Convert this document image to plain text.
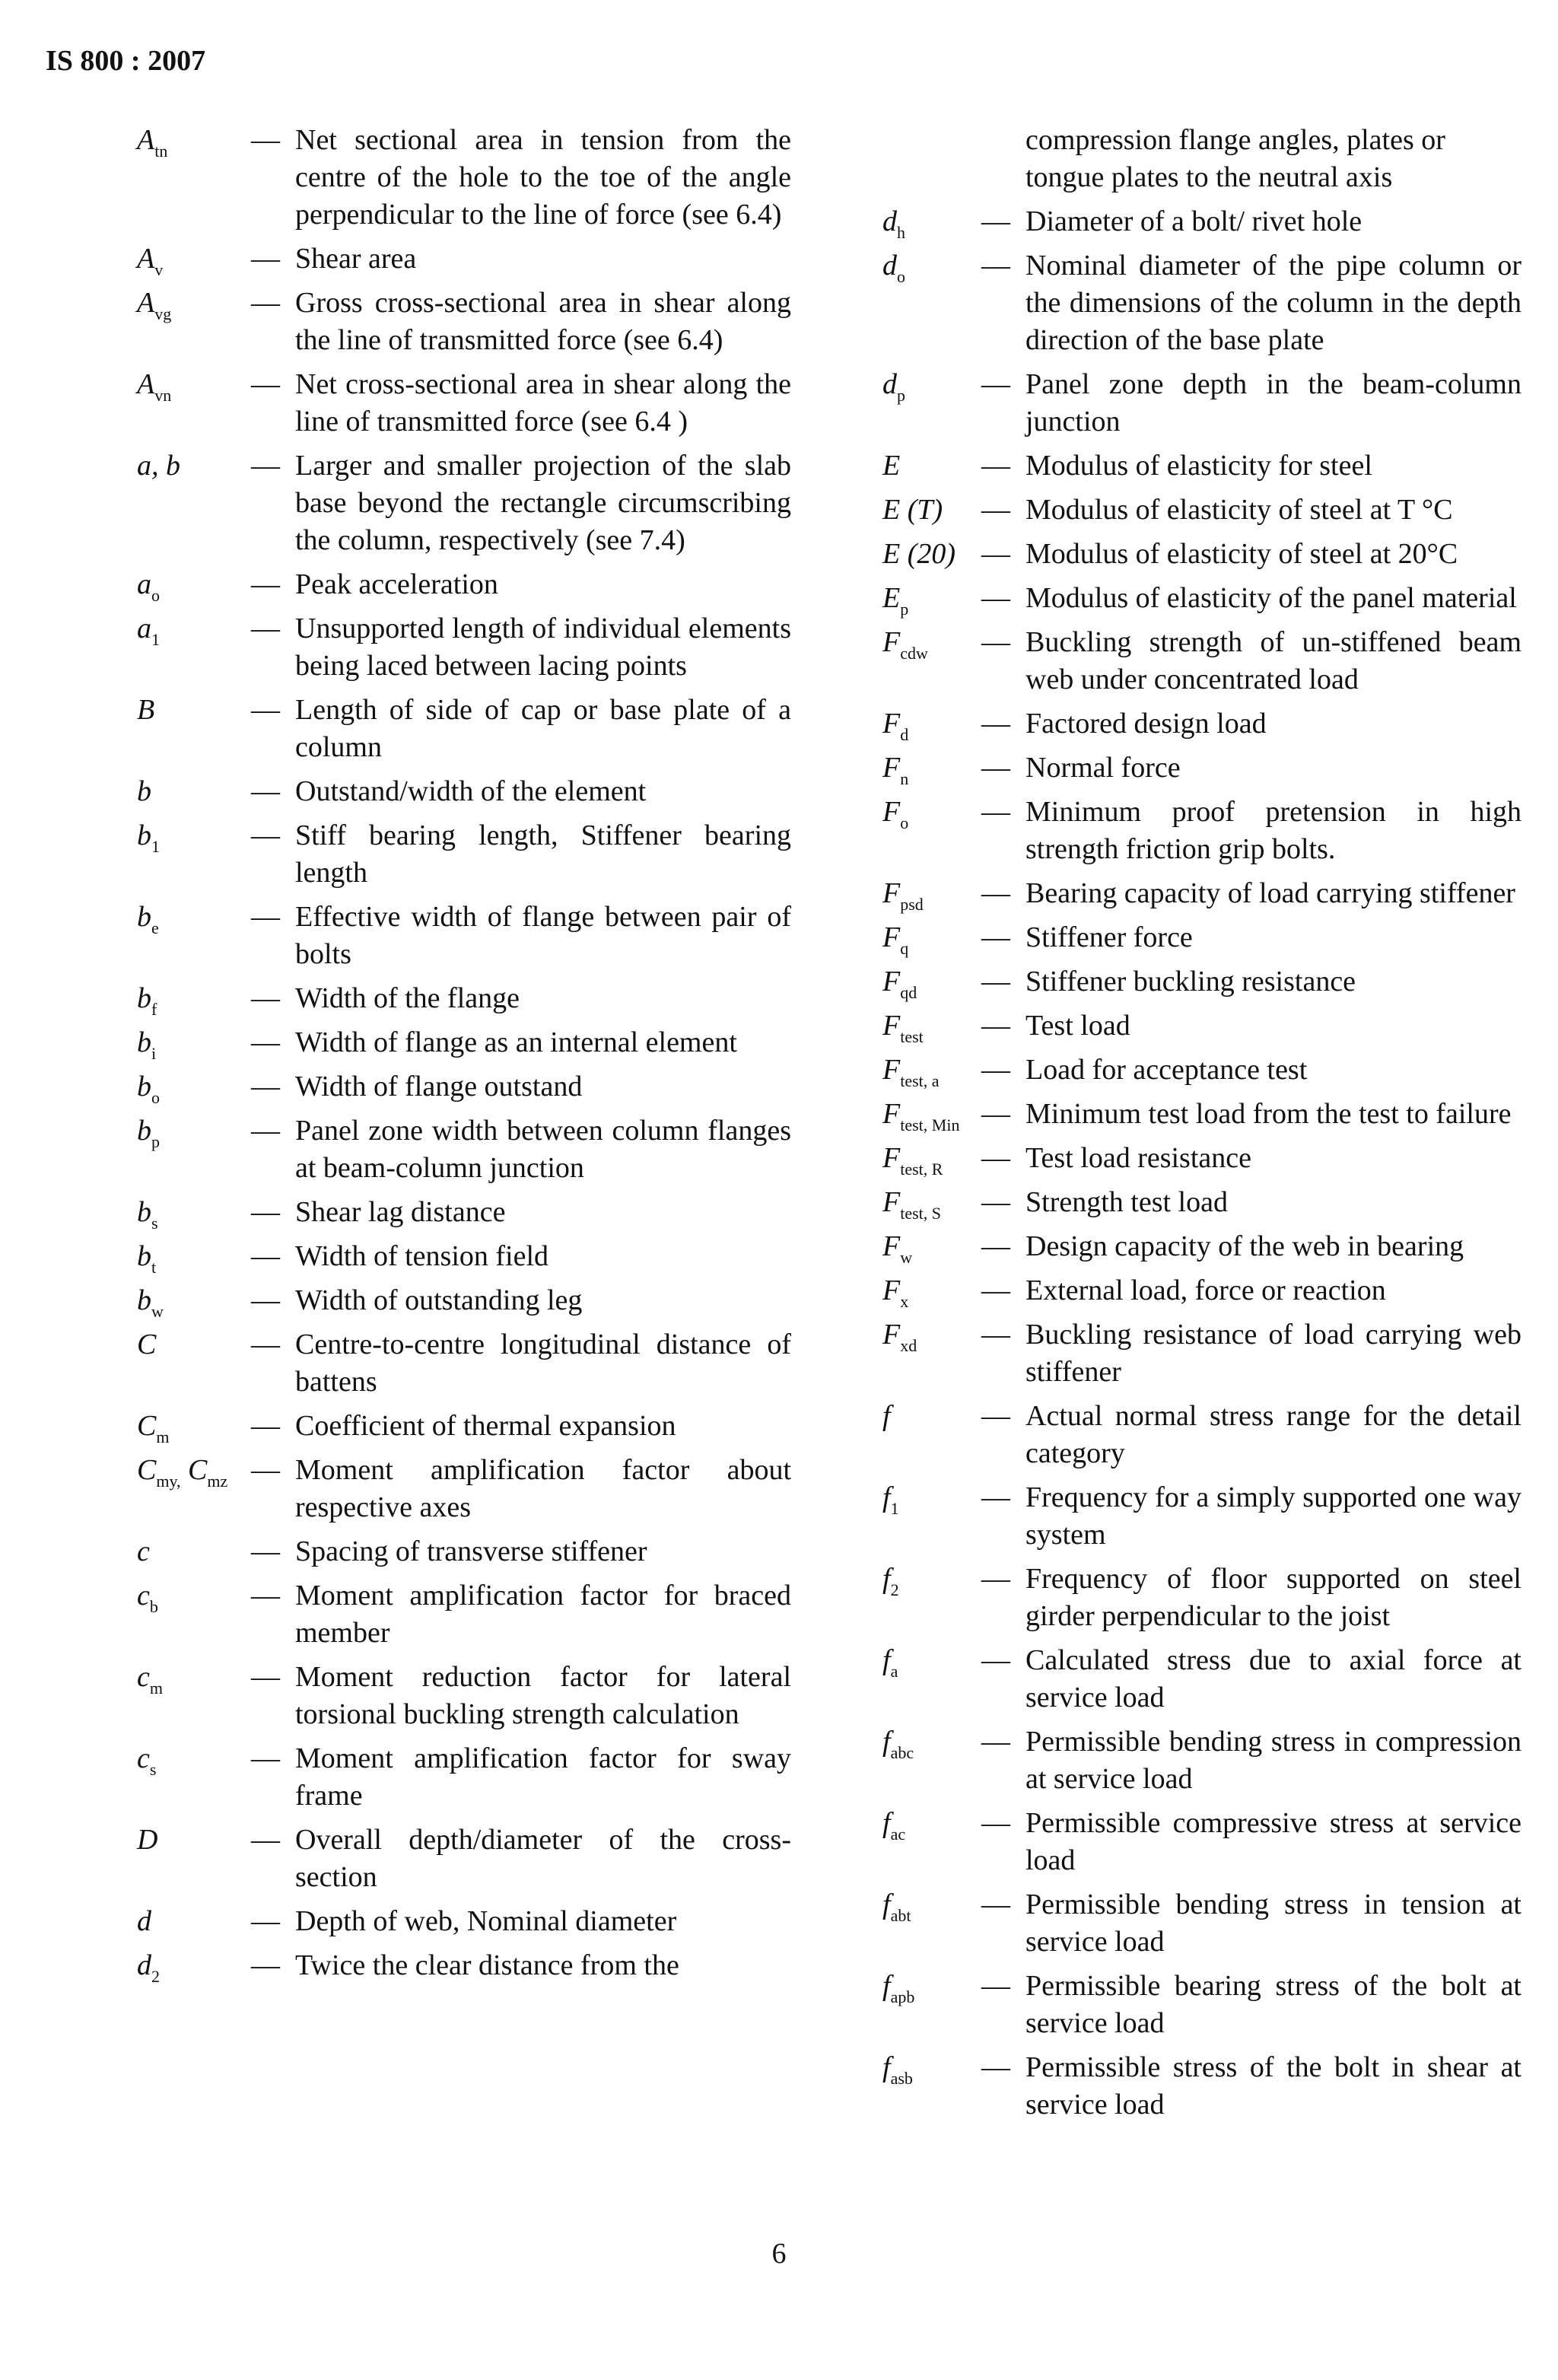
IS 800 : 2007
$A_{tn}$	— Net sectional area in tension from the centre of the hole to the toe of the angle perpendicular to the line of force (see 6.4)
$A_v$	— Shear area
$A_{vg}$	— Gross cross-sectional area in shear along the line of transmitted force (see 6.4)
$A_{vn}$	— Net cross-sectional area in shear along the line of transmitted force (see 6.4 )
a, b	— Larger and smaller projection of the slab base beyond the rectangle circumscribing the column, respectively (see 7.4)
$a_o$	— Peak acceleration
$a_1$	— Unsupported length of individual elements being laced between lacing points
B	— Length of side of cap or base plate of a column
b	— Outstand/width of the element
$b_1$	— Stiff bearing length, Stiffener bearing length
$b_e$	— Effective width of flange between pair of bolts
$b_f$	— Width of the flange
$b_i$	— Width of flange as an internal element
$b_o$	— Width of flange outstand
$b_p$	— Panel zone width between column flanges at beam-column junction
$b_s$	— Shear lag distance
$b_t$	— Width of tension field
$b_w$	— Width of outstanding leg
C	— Centre-to-centre longitudinal distance of battens
$C_m$	— Coefficient of thermal expansion
$C_{my,}$ $C_{mz}$ — Moment amplification factor about respective axes
c	— Spacing of transverse stiffener
$c_b$	— Moment amplification factor for braced member
$c_m$	— Moment reduction factor for lateral torsional buckling strength calculation
$c_s$	— Moment amplification factor for sway frame
D	— Overall depth/diameter of the cross-section
d	— Depth of web, Nominal diameter
$d_2$	— Twice the clear distance from the
compression flange angles, plates or tongue plates to the neutral axis
$d_h$	— Diameter of a bolt/ rivet hole
$d_o$	— Nominal diameter of the pipe column or the dimensions of the column in the depth direction of the base plate
$d_p$	— Panel zone depth in the beam-column junction
E	— Modulus of elasticity for steel
E (T)	— Modulus of elasticity of steel at T °C
E (20) — Modulus of elasticity of steel at 20°C
$E_p$	— Modulus of elasticity of the panel material
$F_{cdw}$	— Buckling strength of un-stiffened beam web under concentrated load
$F_d$	— Factored design load
$F_n$	— Normal force
$F_o$	— Minimum proof pretension in high strength friction grip bolts.
$F_{psd}$	— Bearing capacity of load carrying stiffener
$F_q$	— Stiffener force
$F_{qd}$	— Stiffener buckling resistance
$F_{test}$	— Test load
$F_{test, a}$	— Load for acceptance test
$F_{test, Min}$ — Minimum test load from the test to failure
$F_{test, R}$	— Test load resistance
$F_{test, S}$	— Strength test load
$F_w$	— Design capacity of the web in bearing
$F_x$	— External load, force or reaction
$F_{xd}$	— Buckling resistance of load carrying web stiffener
f	— Actual normal stress range for the detail category
$f_1$	— Frequency for a simply supported one way system
$f_2$	— Frequency of floor supported on steel girder perpendicular to the joist
$f_a$	— Calculated stress due to axial force at service load
$f_{abc}$	— Permissible bending stress in compression at service load
$f_{ac}$	— Permissible compressive stress at service load
$f_{abt}$	— Permissible bending stress in tension at service load
$f_{apb}$	— Permissible bearing stress of the bolt at service load
$f_{asb}$	— Permissible stress of the bolt in shear at service load
6
